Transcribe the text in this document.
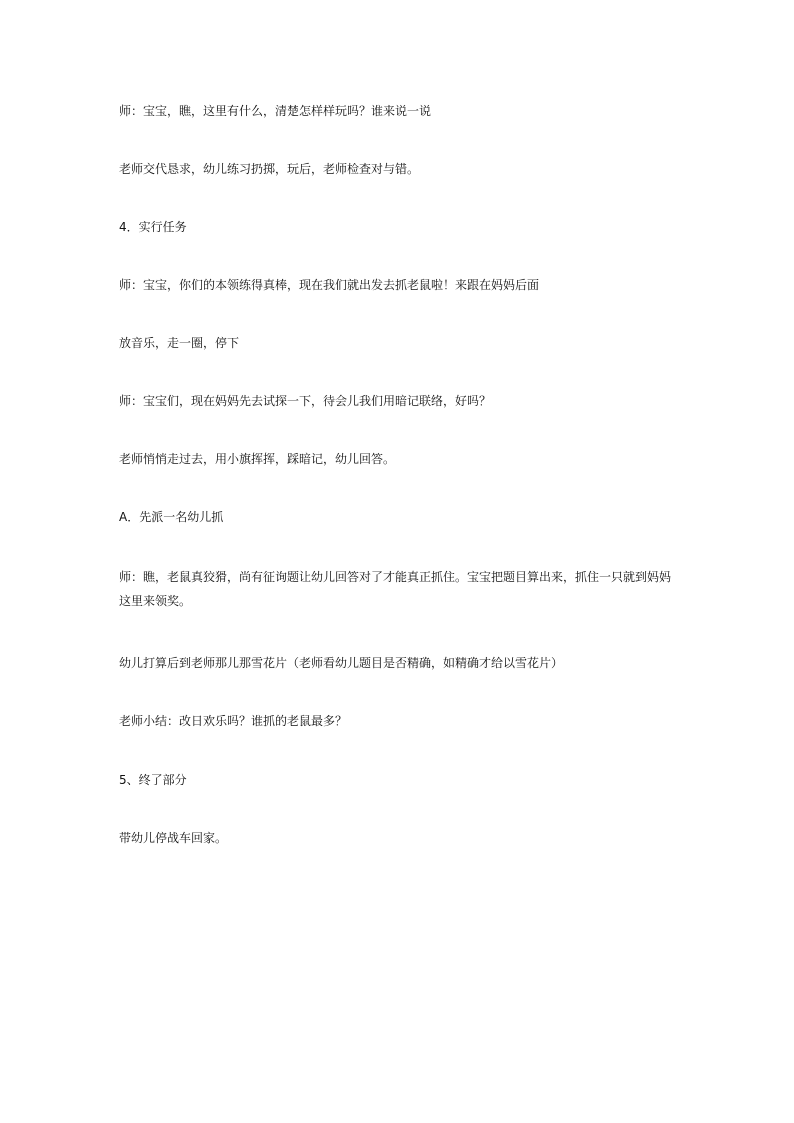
师：宝宝，瞧，这里有什么，清楚怎样样玩吗？谁来说一说
老师交代恳求，幼儿练习扔掷，玩后，老师检查对与错。
4．实行任务
师：宝宝，你们的本领练得真棒，现在我们就出发去抓老鼠啦！来跟在妈妈后面
放音乐，走一圈，停下
师：宝宝们，现在妈妈先去试探一下，待会儿我们用暗记联络，好吗？
老师悄悄走过去，用小旗挥挥，踩暗记，幼儿回答。
A．先派一名幼儿抓
师：瞧，老鼠真狡猾，尚有征询题让幼儿回答对了才能真正抓住。宝宝把题目算出来，抓住一只就到妈妈这里来领奖。
幼儿打算后到老师那儿那雪花片（老师看幼儿题目是否精确，如精确才给以雪花片）
老师小结：改日欢乐吗？谁抓的老鼠最多？
5、终了部分
带幼儿停战车回家。
